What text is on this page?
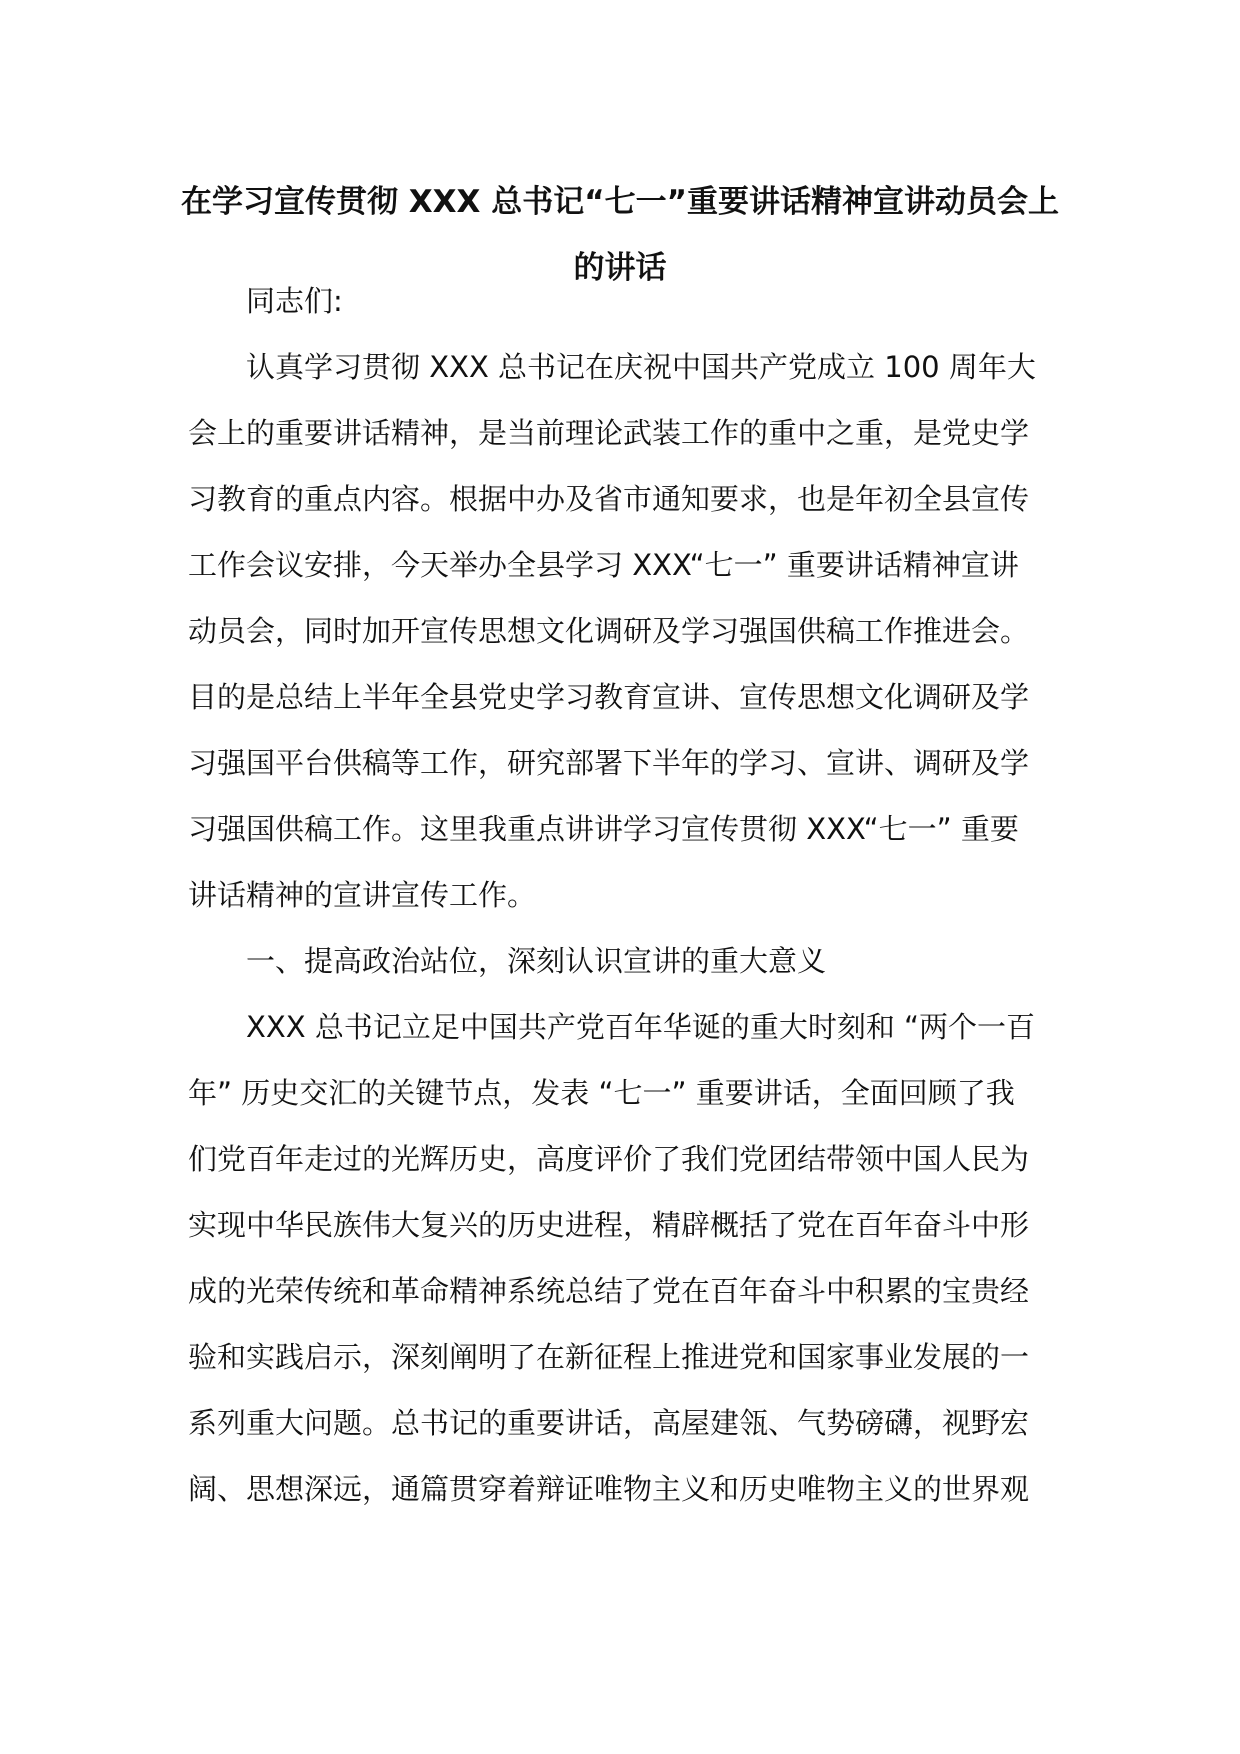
在学习宣传贯彻 XXX 总书记“七一”重要讲话精神宣讲动员会上
的讲话
同志们:
认真学习贯彻 XXX 总书记在庆祝中国共产党成立 100 周年大
会上的重要讲话精神，是当前理论武装工作的重中之重，是党史学
习教育的重点内容。根据中办及省市通知要求，也是年初全县宣传
工作会议安排，今天举办全县学习 XXX“七一” 重要讲话精神宣讲
动员会，同时加开宣传思想文化调研及学习强国供稿工作推进会。
目的是总结上半年全县党史学习教育宣讲、宣传思想文化调研及学
习强国平台供稿等工作，研究部署下半年的学习、宣讲、调研及学
习强国供稿工作。这里我重点讲讲学习宣传贯彻 XXX“七一” 重要
讲话精神的宣讲宣传工作。
一、提高政治站位，深刻认识宣讲的重大意义
XXX 总书记立足中国共产党百年华诞的重大时刻和 “两个一百
年” 历史交汇的关键节点，发表 “七一” 重要讲话，全面回顾了我
们党百年走过的光辉历史，高度评价了我们党团结带领中国人民为
实现中华民族伟大复兴的历史进程，精辟概括了党在百年奋斗中形
成的光荣传统和革命精神系统总结了党在百年奋斗中积累的宝贵经
验和实践启示，深刻阐明了在新征程上推进党和国家事业发展的一
系列重大问题。总书记的重要讲话，高屋建瓴、气势磅礴，视野宏
阔、思想深远，通篇贯穿着辩证唯物主义和历史唯物主义的世界观
